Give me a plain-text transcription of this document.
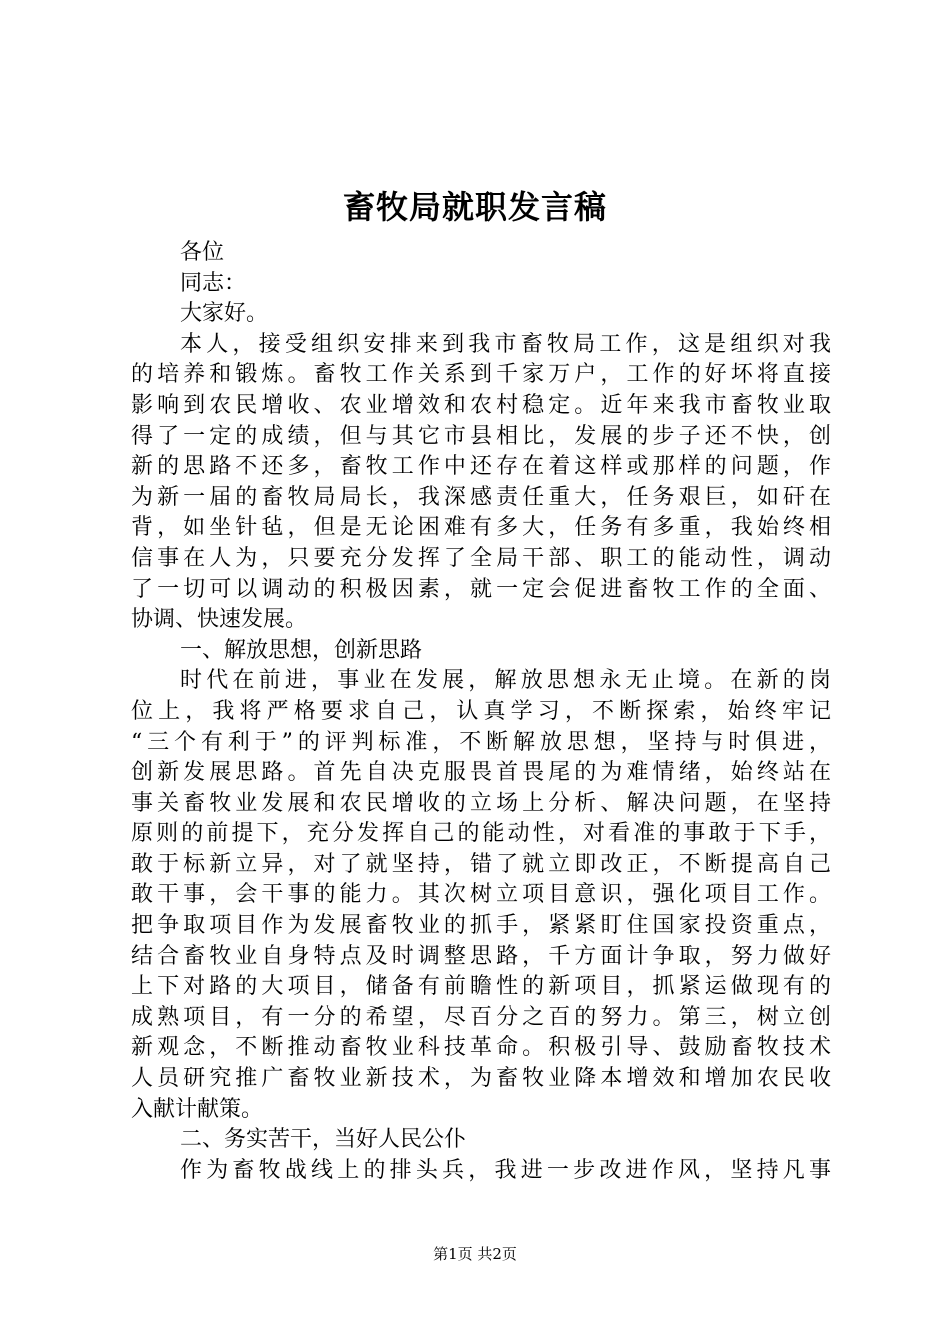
畜牧局就职发言稿
各位
同志：
大家好。
本人，接受组织安排来到我市畜牧局工作，这是组织对我
的培养和锻炼。畜牧工作关系到千家万户，工作的好坏将直接
影响到农民增收、农业增效和农村稳定。近年来我市畜牧业取
得了一定的成绩，但与其它市县相比，发展的步子还不快，创
新的思路不还多，畜牧工作中还存在着这样或那样的问题，作
为新一届的畜牧局局长，我深感责任重大，任务艰巨，如矸在
背，如坐针毡，但是无论困难有多大，任务有多重，我始终相
信事在人为，只要充分发挥了全局干部、职工的能动性，调动
了一切可以调动的积极因素，就一定会促进畜牧工作的全面、
协调、快速发展。
一、解放思想，创新思路
时代在前进，事业在发展，解放思想永无止境。在新的岗
位上，我将严格要求自己，认真学习，不断探索，始终牢记
“三个有利于”的评判标准，不断解放思想，坚持与时俱进，
创新发展思路。首先自决克服畏首畏尾的为难情绪，始终站在
事关畜牧业发展和农民增收的立场上分析、解决问题，在坚持
原则的前提下，充分发挥自己的能动性，对看准的事敢于下手，
敢于标新立异，对了就坚持，错了就立即改正，不断提高自己
敢干事，会干事的能力。其次树立项目意识，强化项目工作。
把争取项目作为发展畜牧业的抓手，紧紧盯住国家投资重点，
结合畜牧业自身特点及时调整思路，千方面计争取，努力做好
上下对路的大项目，储备有前瞻性的新项目，抓紧运做现有的
成熟项目，有一分的希望，尽百分之百的努力。第三，树立创
新观念，不断推动畜牧业科技革命。积极引导、鼓励畜牧技术
人员研究推广畜牧业新技术，为畜牧业降本增效和增加农民收
入献计献策。
二、务实苦干，当好人民公仆
作为畜牧战线上的排头兵，我进一步改进作风，坚持凡事
第1页 共2页
